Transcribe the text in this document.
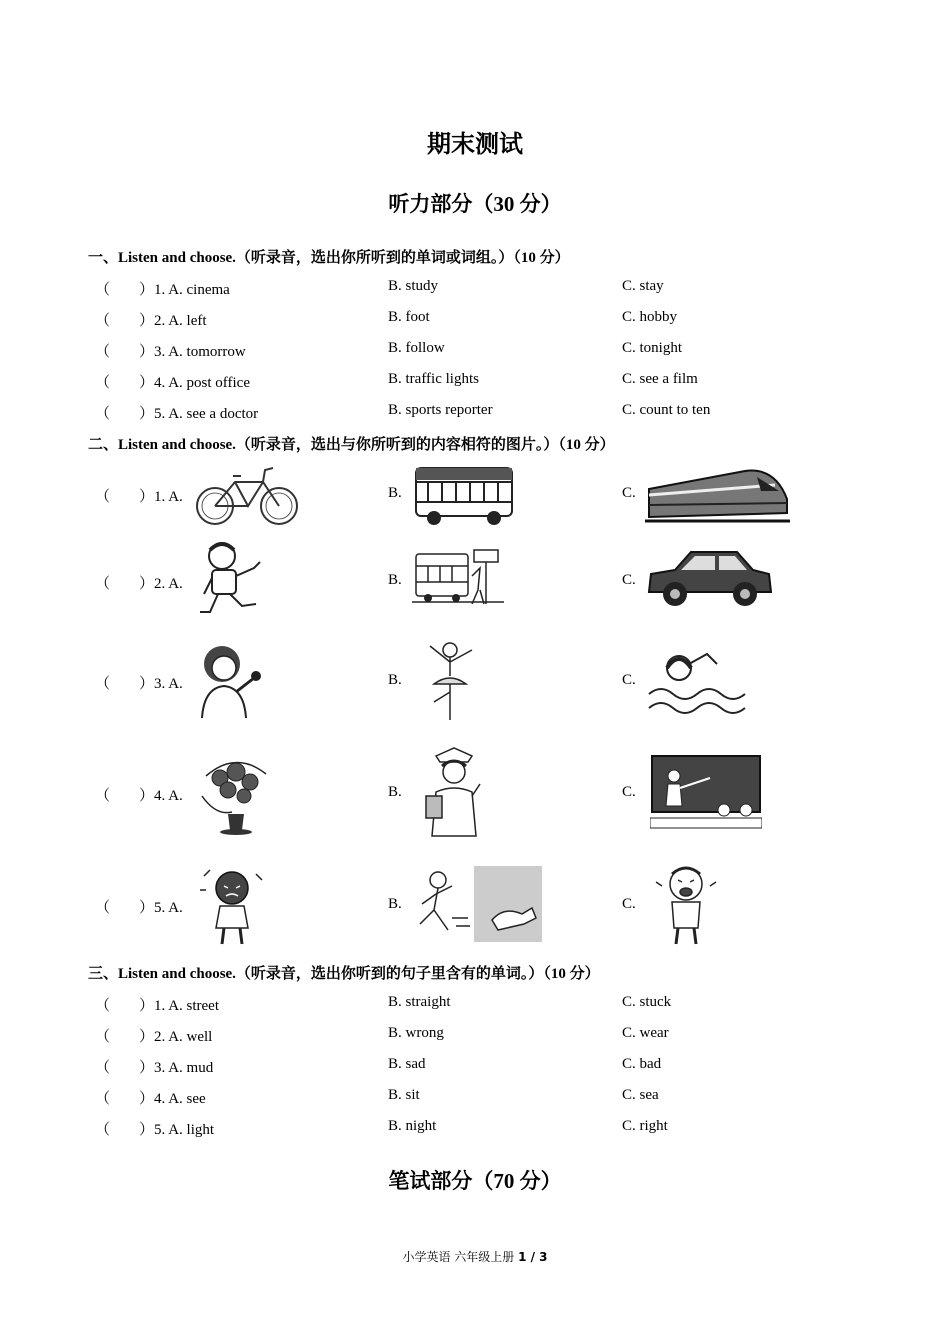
期末测试
听力部分（30 分）
一、Listen and choose.（听录音，选出你所听到的单词或词组。）（10 分）
（ ）1. A. cinema	B. study	C. stay
（ ）2. A. left	B. foot	C. hobby
（ ）3. A. tomorrow	B. follow	C. tonight
（ ）4. A. post office	B. traffic lights	C. see a film
（ ）5. A. see a doctor	B. sports reporter	C. count to ten
二、Listen and choose.（听录音，选出与你所听到的内容相符的图片。）（10 分）
（ ）1. A.	B.	C.
（ ）2. A.	B.	C.
（ ）3. A.	B.	C.
（ ）4. A.	B.	C.
（ ）5. A.	B.	C.
三、Listen and choose.（听录音，选出你听到的句子里含有的单词。）（10 分）
（ ）1. A. street	B. straight	C. stuck
（ ）2. A. well	B. wrong	C. wear
（ ）3. A. mud	B. sad	C. bad
（ ）4. A. see	B. sit	C. sea
（ ）5. A. light	B. night	C. right
笔试部分（70 分）
小学英语 六年级上册 1 / 3
